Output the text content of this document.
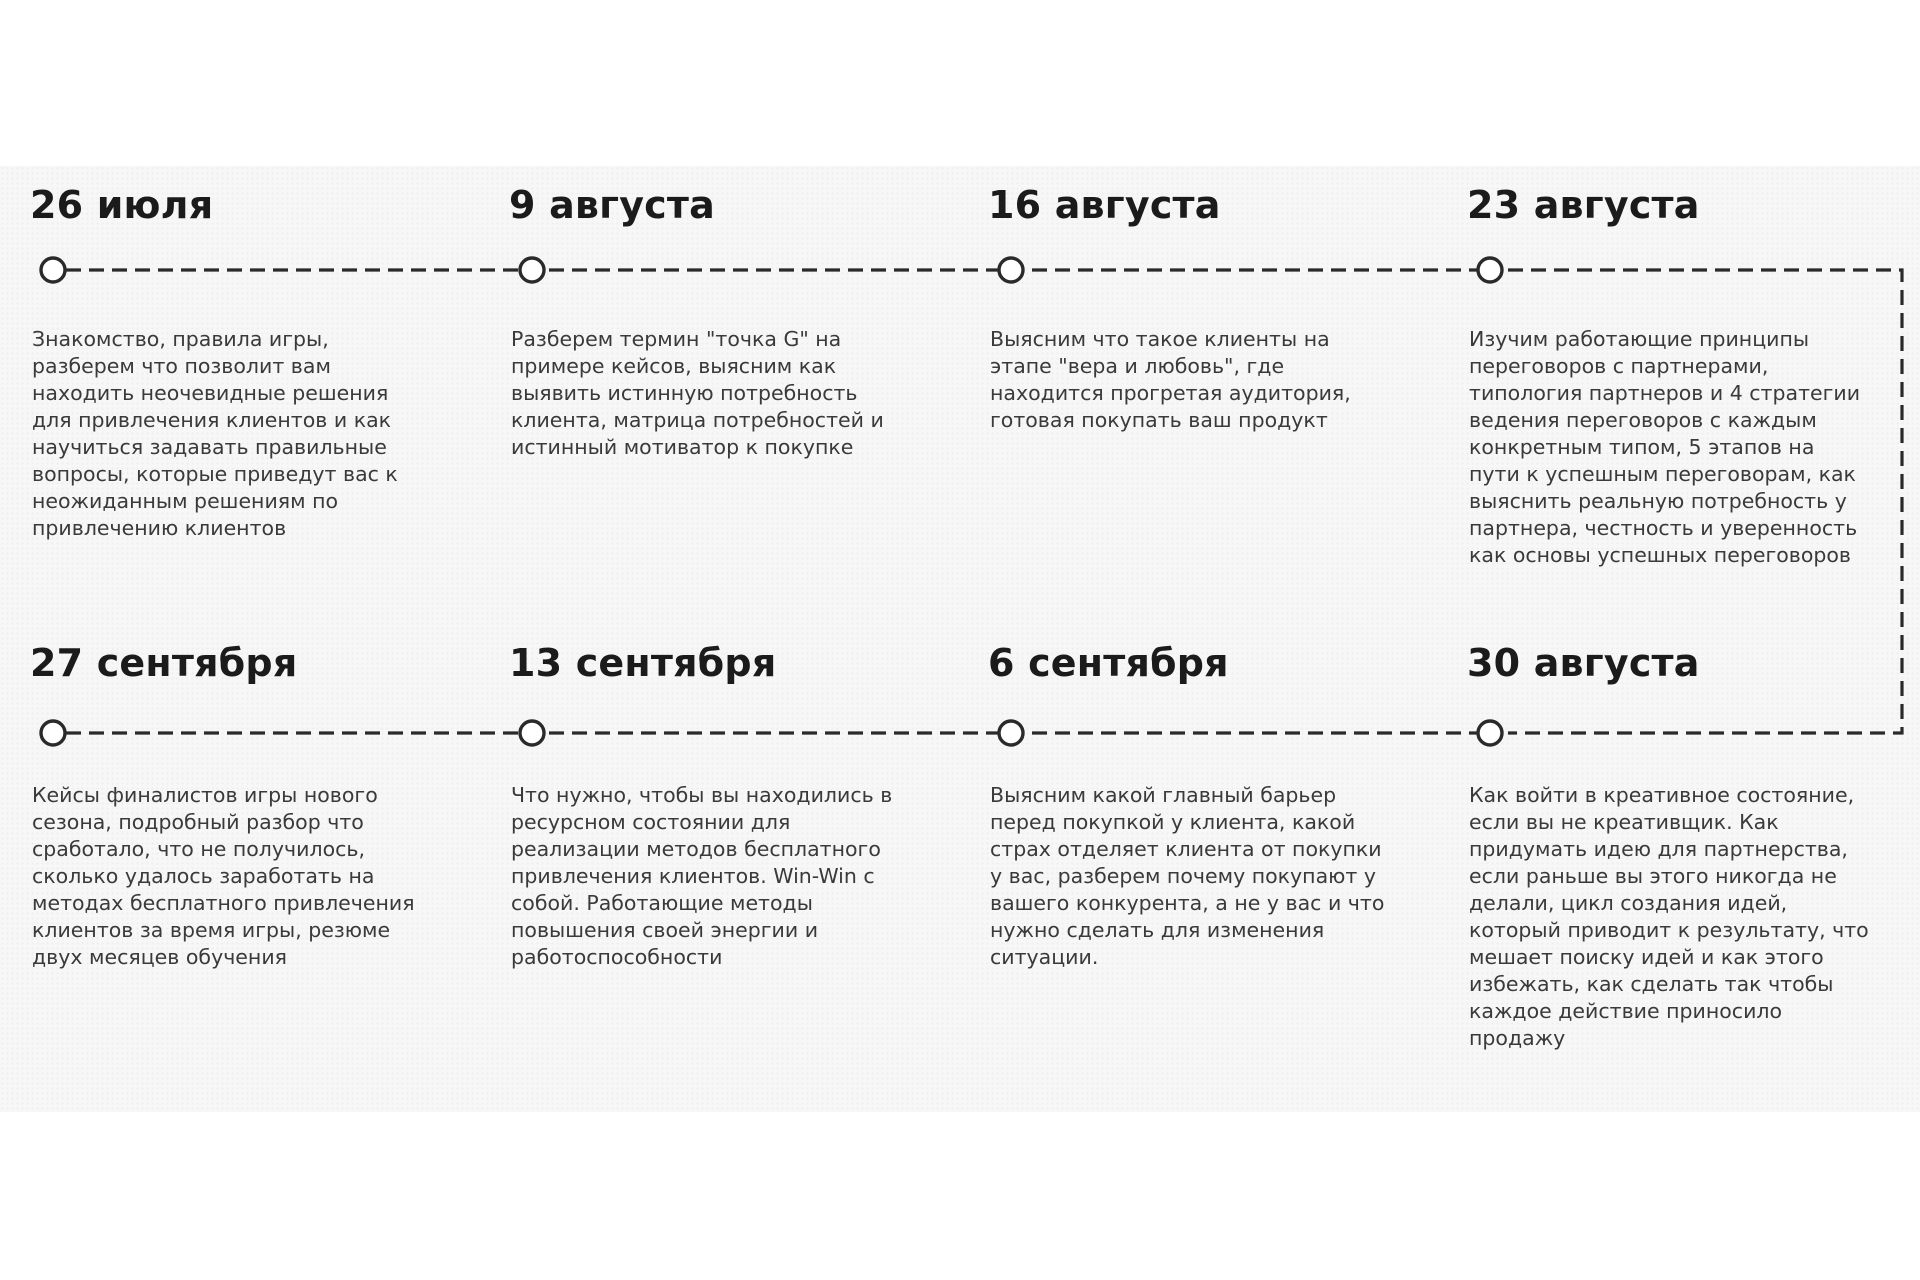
26 июля
Знакомство, правила игры, разберем что позволит вам находить неочевидные решения для привлечения клиентов и как научиться задавать правильные вопросы, которые приведут вас к неожиданным решениям по привлечению клиентов
9 августа
Разберем термин "точка G" на примере кейсов, выясним как выявить истинную потребность клиента, матрица потребностей и истинный мотиватор к покупке
16 августа
Выясним что такое клиенты на этапе "вера и любовь", где находится прогретая аудитория, готовая покупать ваш продукт
23 августа
Изучим работающие принципы переговоров с партнерами, типология партнеров и 4 стратегии ведения переговоров с каждым конкретным типом, 5 этапов на пути к успешным переговорам, как выяснить реальную потребность у партнера, честность и уверенность как основы успешных переговоров
27 сентября
Кейсы финалистов игры нового сезона, подробный разбор что сработало, что не получилось, сколько удалось заработать на методах бесплатного привлечения клиентов за время игры, резюме двух месяцев обучения
13 сентября
Что нужно, чтобы вы находились в ресурсном состоянии для реализации методов бесплатного привлечения клиентов. Win-Win с собой. Работающие методы повышения своей энергии и работоспособности
6 сентября
Выясним какой главный барьер перед покупкой у клиента, какой страх отделяет клиента от покупки у вас, разберем почему покупают у вашего конкурента, а не у вас и что нужно сделать для изменения ситуации.
30 августа
Как войти в креативное состояние, если вы не креативщик. Как придумать идею для партнерства, если раньше вы этого никогда не делали, цикл создания идей, который приводит к результату, что мешает поиску идей и как этого избежать, как сделать так чтобы каждое действие приносило продажу
